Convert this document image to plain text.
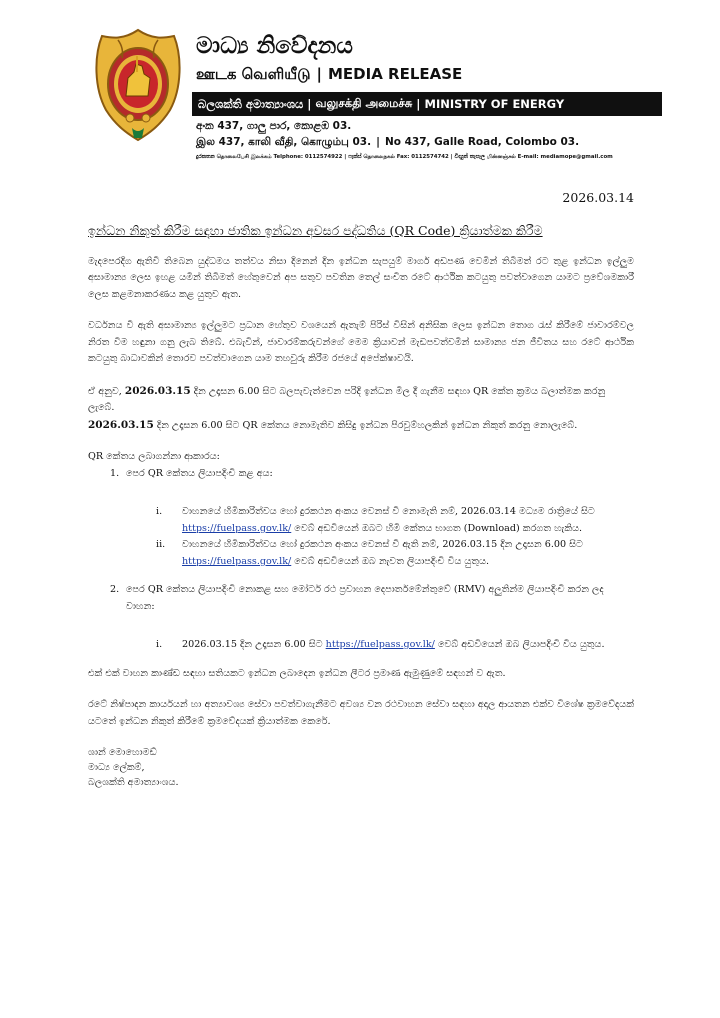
මාධ්‍ය නිවේදනය
ஊடக வெளியீடு | MEDIA RELEASE
බලශක්ති අමාත්‍යාංශය | வலுசக்தி அமைச்சு | MINISTRY OF ENERGY
අංක 437, ගාලු පාර, කොළඹ 03.
இல 437, காலி வீதி, கொழும்பு 03. | No 437, Galle Road, Colombo 03.
දුරකතන தொலைபேசி இலக்கம் Telphone: 0112574922 | ෆැක්ස් தொலைநகல் Fax: 0112574742 | විද්‍යුත් තැපෑල மின்னஞ்சல் E-mail: mediamope@gmail.com
2026.03.14
ඉන්ධන නිකුත් කිරීම සඳහා ජාතික ඉන්ධන අවසර පද්ධතිය (QR Code) ක්‍රියාත්මක කිරීම

මැදපෙරදිග ඇතිවී තිබෙන යුද්ධමය තත්වය නිසා දිනෙන් දින ඉන්ධන සැපයුම් මාර්ග අඩපණ වෙමින් තිබීමත් රට තුළ ඉන්ධන ඉල්ලුම අසාමාන්‍ය ලෙස ඉහළ යමින් තිබීමත් හේතුවෙන් අප සතුව පවතින තෙල් සංචිත රටේ ආර්ථික කටයුතු පවත්වාගෙන යාමට ප්‍රවේශමකාරී ලෙස කළමනාකරණය කළ යුතුව ඇත.

වර්ධනය වී ඇති අසාමාන්‍ය ඉල්ලුමට ප්‍රධාන හේතුව වශයෙන් ඇතැම් පිරිස් විසින් අනිසික ලෙස ඉන්ධන තොග රැස් කිරීමේ ජාවාරම්වල නිරත වීම හඳුනා ගනු ලැබ තිබේ. එබැවින්, ජාවාරම්කරුවන්ගේ මෙම ක්‍රියාවන් මැඩපවත්වමින් සාමාන්‍ය ජන ජීවිතය සහ රටේ ආර්ථික කටයුතු බාධාවකින් තොරව පවත්වාගෙන යාම තහවුරු කිරීම රජයේ අපේක්ෂාවයි.

ඒ අනුව, 2026.03.15 දින උදෑසන 6.00 සිට බලපැවැත්වෙන පරිදි ඉන්ධන මිල දී ගැනීම සඳහා QR කේත ක්‍රමය බලාත්මක කරනු ලැබේ.

2026.03.15 දින උදෑසන 6.00 සිට QR කේතය නොමැතිව කිසිදු ඉන්ධන පිරවුම්හලකින් ඉන්ධන නිකුත් කරනු නොලැබේ.

QR කේතය ලබාගන්නා ආකාරය:

1. පෙර QR කේතය ලියාපදිංචි කළ අය:
i. වාහනයේ හිමිකාරිත්වය හෝ දුරකථන අංකය වෙනස් වී නොමැති නම්, 2026.03.14 මධ්‍යම රාත්‍රියේ සිට https://fuelpass.gov.lk/ වෙබ් අඩවියෙන් ඔබට හිමි කේතය භාගත (Download) කරගත හැකිය.
ii. වාහනයේ හිමිකාරිත්වය හෝ දුරකථන අංකය වෙනස් වී ඇති නම්, 2026.03.15 දින උදෑසන 6.00 සිට https://fuelpass.gov.lk/ වෙබ් අඩවියෙන් ඔබ නැවත ලියාපදිංචි විය යුතුය.
2. පෙර QR කේතය ලියාපදිංචි නොකළ සහ මෝටර් රථ ප්‍රවාහන දෙපාර්තමේන්තුවේ (RMV) අලුතින්ම ලියාපදිංචි කරන ලද වාහන:
i. 2026.03.15 දින උදෑසන 6.00 සිට https://fuelpass.gov.lk/ වෙබ් අඩවියෙන් ඔබ ලියාපදිංචි විය යුතුය.

එක් එක් වාහන කාණ්ඩ සඳහා සතියකට ඉන්ධන ලබාදෙන ඉන්ධන ලීටර ප්‍රමාණ ඇමුණුමේ සඳහන් ව ඇත.

රටේ නිෂ්පාදන කාර්යයන් හා අත්‍යාවශ්‍ය සේවා පවත්වාගැනීමට අවශ්‍ය වන රථවාහන සේවා සඳහා අදාල ආයතන එක්ව විශේෂ ක්‍රමවේදයක් යටතේ ඉන්ධන නිකුත් කිරීමේ ක්‍රමවේදයක් ක්‍රියාත්මක කෙරේ.

ශාන් මොහොමඩ්

මාධ්‍ය ලේකම්,

බලශක්ති අමාත්‍යාංශය.
